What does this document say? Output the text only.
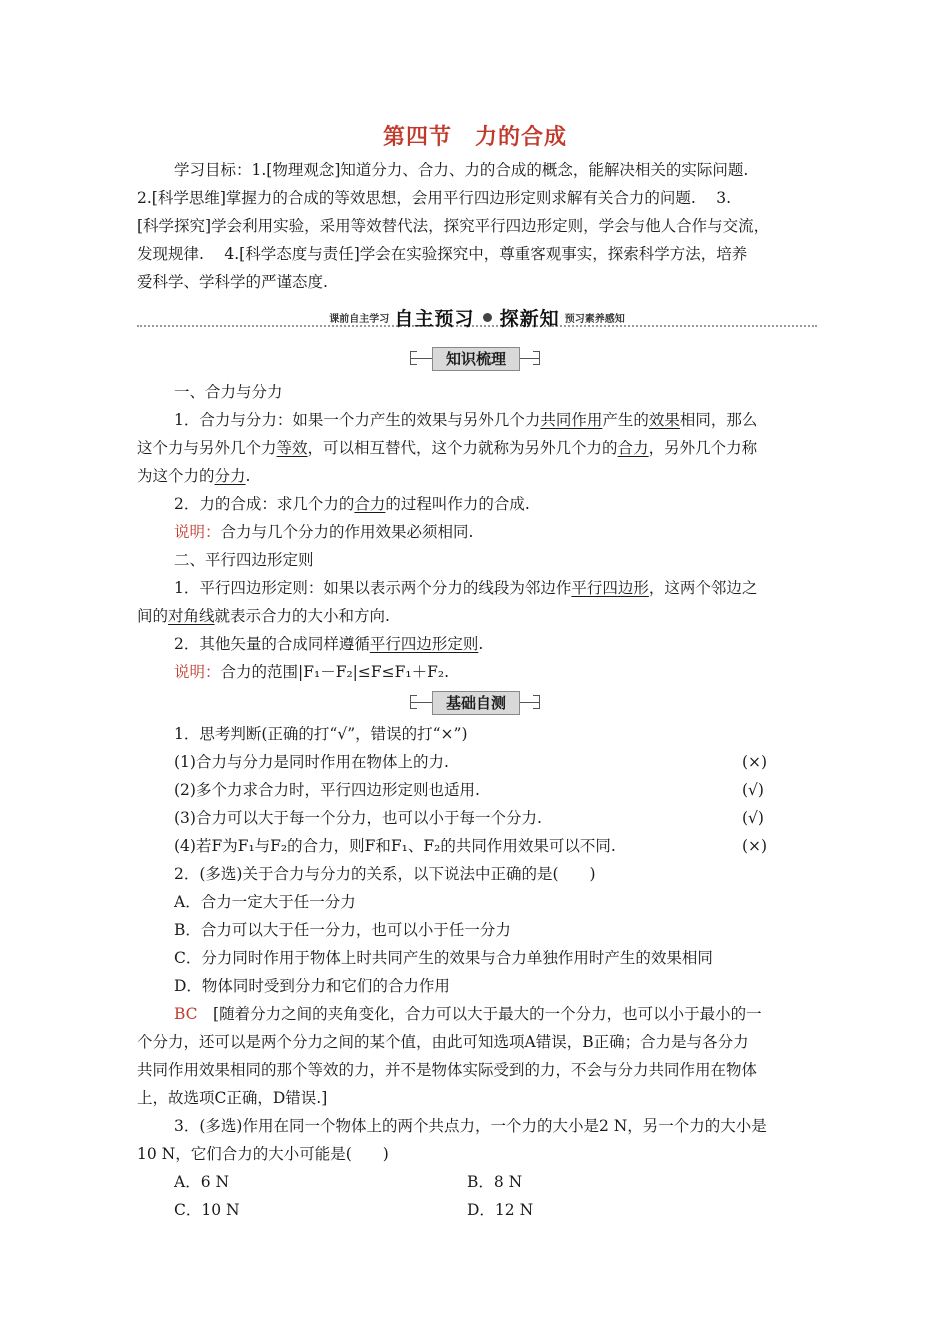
第四节　力的合成
学习目标：1.[物理观念]知道分力、合力、力的合成的概念，能解决相关的实际问题.
2.[科学思维]掌握力的合成的等效思想，会用平行四边形定则求解有关合力的问题.　 3.
[科学探究]学会利用实验，采用等效替代法，探究平行四边形定则，学会与他人合作与交流，
发现规律.　 4.[科学态度与责任]学会在实验探究中，尊重客观事实，探索科学方法，培养
爱科学、学科学的严谨态度.
课前自主学习 自主预习 探新知 预习素养感知
知识梳理
一、合力与分力
1．合力与分力：如果一个力产生的效果与另外几个力共同作用产生的效果相同，那么
这个力与另外几个力等效，可以相互替代，这个力就称为另外几个力的合力，另外几个力称
为这个力的分力.
2．力的合成：求几个力的合力的过程叫作力的合成.
说明：合力与几个分力的作用效果必须相同.
二、平行四边形定则
1．平行四边形定则：如果以表示两个分力的线段为邻边作平行四边形，这两个邻边之
间的对角线就表示合力的大小和方向.
2．其他矢量的合成同样遵循平行四边形定则.
说明：合力的范围|F₁－F₂|≤F≤F₁＋F₂.
基础自测
1．思考判断(正确的打“√”，错误的打“×”)
(1)合力与分力是同时作用在物体上的力.	(×)
(2)多个力求合力时，平行四边形定则也适用.	(√)
(3)合力可以大于每一个分力，也可以小于每一个分力.	(√)
(4)若F为F₁与F₂的合力，则F和F₁、F₂的共同作用效果可以不同.	(×)
2．(多选)关于合力与分力的关系，以下说法中正确的是(　　)
A．合力一定大于任一分力
B．合力可以大于任一分力，也可以小于任一分力
C．分力同时作用于物体上时共同产生的效果与合力单独作用时产生的效果相同
D．物体同时受到分力和它们的合力作用
BC　[随着分力之间的夹角变化，合力可以大于最大的一个分力，也可以小于最小的一
个分力，还可以是两个分力之间的某个值，由此可知选项A错误，B正确；合力是与各分力
共同作用效果相同的那个等效的力，并不是物体实际受到的力，不会与分力共同作用在物体
上，故选项C正确，D错误.]
3．(多选)作用在同一个物体上的两个共点力，一个力的大小是2 N，另一个力的大小是
10 N，它们合力的大小可能是(　　)
A．6 N	B．8 N
C．10 N	D．12 N
